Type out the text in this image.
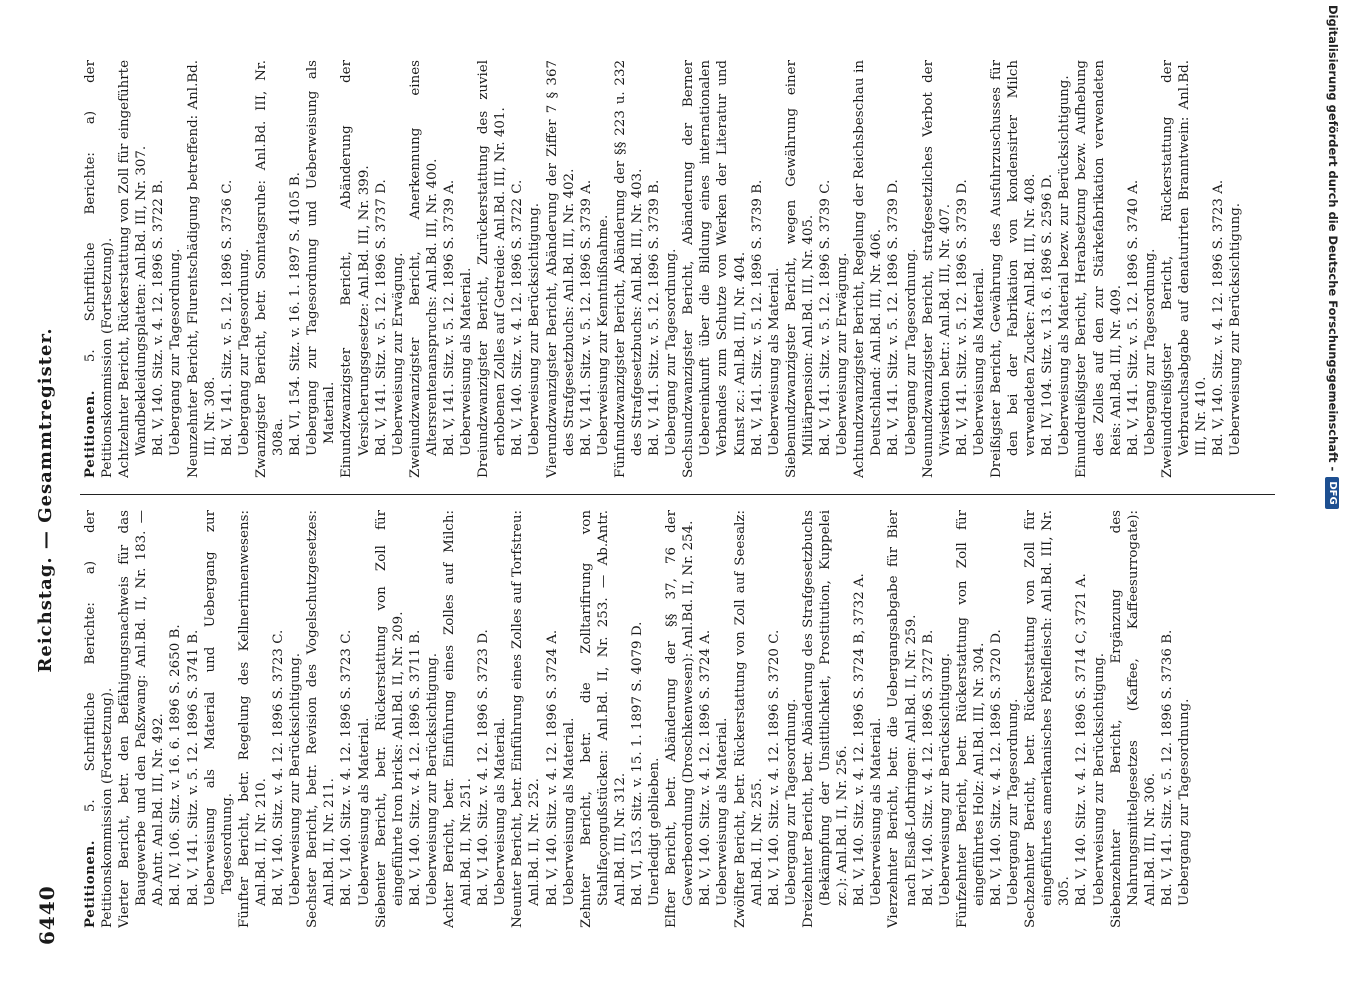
6440
Reichstag. — Gesammtregister.

Petitionen. 5. Schriftliche Berichte: a) der Petitionskommission (Fortsetzung). Vierter Bericht, betr. den Befähigungsnachweis für das Baugewerbe und den Paßzwang: Anl.Bd. II, Nr. 183. — Ab.Antr. Anl.Bd. III, Nr. 492. Bd. IV, 106. Sitz. v. 16. 6. 1896 S. 2650 B. Bd. V, 141. Sitz. v. 5. 12. 1896 S. 3741 B. Ueberweisung als Material und Uebergang zur Tagesordnung. Fünfter Bericht, betr. Regelung des Kellnerinnenwesens: Anl.Bd. II, Nr. 210. Bd. V, 140. Sitz. v. 4. 12. 1896 S. 3723 C. Ueberweisung zur Berücksichtigung. Sechster Bericht, betr. Revision des Vogelschutzgesetzes: Anl.Bd. II, Nr. 211. Bd. V, 140. Sitz. v. 4. 12. 1896 S. 3723 C. Ueberweisung als Material. Siebenter Bericht, betr. Rückerstattung von Zoll für eingeführte Iron bricks: Anl.Bd. II, Nr. 209. Bd. V, 140. Sitz. v. 4. 12. 1896 S. 3711 B. Ueberweisung zur Berücksichtigung. Achter Bericht, betr. Einführung eines Zolles auf Milch: Anl.Bd. II, Nr. 251. Bd. V, 140. Sitz. v. 4. 12. 1896 S. 3723 D. Ueberweisung als Material. Neunter Bericht, betr. Einführung eines Zolles auf Torfstreu: Anl.Bd. II, Nr. 252. Bd. V, 140. Sitz. v. 4. 12. 1896 S. 3724 A. Ueberweisung als Material. Zehnter Bericht, betr. die Zolltarifirung von Stahlfaçongußstücken: Anl.Bd. II, Nr. 253. — Ab.Antr. Anl.Bd. III, Nr. 312. Bd. VI, 153. Sitz. v. 15. 1. 1897 S. 4079 D. Unerledigt geblieben. Elfter Bericht, betr. Abänderung der §§ 37, 76 der Gewerbeordnung (Droschkenwesen): Anl.Bd. II, Nr. 254. Bd. V, 140. Sitz. v. 4. 12. 1896 S. 3724 A. Ueberweisung als Material. Zwölfter Bericht, betr. Rückerstattung von Zoll auf Seesalz: Anl.Bd. II, Nr. 255. Bd. V, 140. Sitz. v. 4. 12. 1896 S. 3720 C. Uebergang zur Tagesordnung. Dreizehnter Bericht, betr. Abänderung des Strafgesetzbuchs (Bekämpfung der Unsittlichkeit, Prostitution, Kuppelei zc.): Anl.Bd. II, Nr. 256. Bd. V, 140. Sitz. v. 4. 12. 1896 S. 3724 B, 3732 A. Ueberweisung als Material. Vierzehnter Bericht, betr. die Uebergangsabgabe für Bier nach Elsaß-Lothringen: Anl.Bd. II, Nr. 259. Bd. V, 140. Sitz. v. 4. 12. 1896 S. 3727 B. Ueberweisung zur Berücksichtigung. Fünfzehnter Bericht, betr. Rückerstattung von Zoll für eingeführtes Holz: Anl.Bd. III, Nr. 304. Bd. V, 140. Sitz. v. 4. 12. 1896 S. 3720 D. Uebergang zur Tagesordnung. Sechzehnter Bericht, betr. Rückerstattung von Zoll für eingeführtes amerikanisches Pökelfleisch: Anl.Bd. III, Nr. 305. Bd. V, 140. Sitz. v. 4. 12. 1896 S. 3714 C, 3721 A. Ueberweisung zur Berücksichtigung. Siebenzehnter Bericht, Ergänzung des Nahrungsmittelgesetzes (Kaffee, Kaffeesurrogate): Anl.Bd. III, Nr. 306. Bd. V, 141. Sitz. v. 5. 12. 1896 S. 3736 B. Uebergang zur Tagesordnung.

Petitionen. 5. Schriftliche Berichte: a) der Petitionskommission (Fortsetzung). Achtzehnter Bericht, Rückerstattung von Zoll für eingeführte Wandbekleidungsplatten: Anl.Bd. III, Nr. 307. Bd. V, 140. Sitz. v. 4. 12. 1896 S. 3722 B. Uebergang zur Tagesordnung. Neunzehnter Bericht, Flurentschädigung betreffend: Anl.Bd. III, Nr. 308. Bd. V, 141. Sitz. v. 5. 12. 1896 S. 3736 C. Uebergang zur Tagesordnung. Zwanzigster Bericht, betr. Sonntagsruhe: Anl.Bd. III, Nr. 308a. Bd. VI, 154. Sitz. v. 16. 1. 1897 S. 4105 B. Uebergang zur Tagesordnung und Ueberweisung als Material. Einundzwanzigster Bericht, Abänderung der Versicherungsgesetze: Anl.Bd. III, Nr. 399. Bd. V, 141. Sitz. v. 5. 12. 1896 S. 3737 D. Ueberweisung zur Erwägung. Zweiundzwanzigster Bericht, Anerkennung eines Altersrentenanspruchs: Anl.Bd. III, Nr. 400. Bd. V, 141. Sitz. v. 5. 12. 1896 S. 3739 A. Ueberweisung als Material. Dreiundzwanzigster Bericht, Zurückerstattung des zuviel erhobenen Zolles auf Getreide: Anl.Bd. III, Nr. 401. Bd. V, 140. Sitz. v. 4. 12. 1896 S. 3722 C. Ueberweisung zur Berücksichtigung. Vierundzwanzigster Bericht, Abänderung der Ziffer 7 § 367 des Strafgesetzbuchs: Anl.Bd. III, Nr. 402. Bd. V, 141. Sitz. v. 5. 12. 1896 S. 3739 A. Ueberweisung zur Kenntnißnahme. Fünfundzwanzigster Bericht, Abänderung der §§ 223 u. 232 des Strafgesetzbuchs: Anl.Bd. III, Nr. 403. Bd. V, 141. Sitz. v. 5. 12. 1896 S. 3739 B. Uebergang zur Tagesordnung. Sechsundzwanzigster Bericht, Abänderung der Berner Uebereinkunft über die Bildung eines internationalen Verbandes zum Schutze von Werken der Literatur und Kunst zc.: Anl.Bd. III, Nr. 404. Bd. V, 141. Sitz. v. 5. 12. 1896 S. 3739 B. Ueberweisung als Material. Siebenundzwanzigster Bericht, wegen Gewährung einer Militärpension: Anl.Bd. III, Nr. 405. Bd. V, 141. Sitz. v. 5. 12. 1896 S. 3739 C. Ueberweisung zur Erwägung. Achtundzwanzigster Bericht, Regelung der Reichsbeschau in Deutschland: Anl.Bd. III, Nr. 406. Bd. V, 141. Sitz. v. 5. 12. 1896 S. 3739 D. Uebergang zur Tagesordnung. Neunundzwanzigster Bericht, strafgesetzliches Verbot der Vivisektion betr.: Anl.Bd. III, Nr. 407. Bd. V, 141. Sitz. v. 5. 12. 1896 S. 3739 D. Ueberweisung als Material. Dreißigster Bericht, Gewährung des Ausfuhrzuschusses für den bei der Fabrikation von kondensirter Milch verwendeten Zucker: Anl.Bd. III, Nr. 408. Bd. IV, 104. Sitz. v. 13. 6. 1896 S. 2596 D. Ueberweisung als Material bezw. zur Berücksichtigung. Einunddreißigster Bericht, Herabsetzung bezw. Aufhebung des Zolles auf den zur Stärkefabrikation verwendeten Reis: Anl.Bd. III, Nr. 409. Bd. V, 141. Sitz. v. 5. 12. 1896 S. 3740 A. Uebergang zur Tagesordnung. Zweiunddreißigster Bericht, Rückerstattung der Verbrauchsabgabe auf denaturirten Branntwein: Anl.Bd. III, Nr. 410. Bd. V, 140. Sitz. v. 4. 12. 1896 S. 3723 A. Ueberweisung zur Berücksichtigung.	Digitalisierung gefördert durch die Deutsche Forschungsgemeinschaft -DFG
